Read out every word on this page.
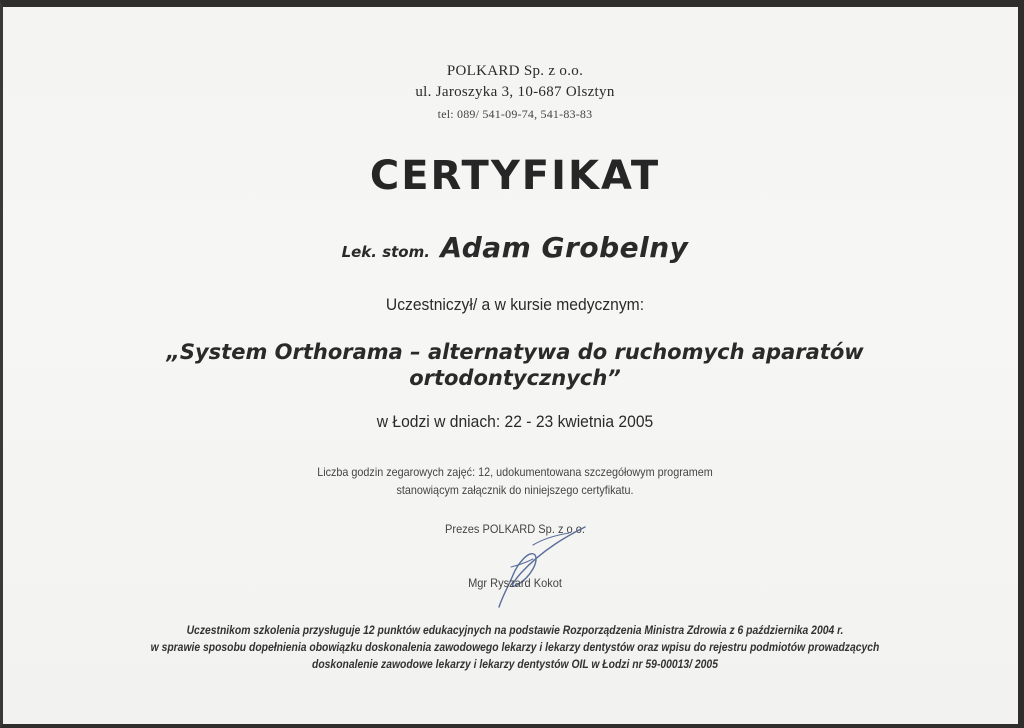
POLKARD Sp. z o.o.
ul. Jaroszyka 3, 10-687 Olsztyn
tel: 089/ 541-09-74, 541-83-83
CERTYFIKAT
Lek. stom. Adam Grobelny
Uczestniczył/ a w kursie medycznym:
„System Orthorama – alternatywa do ruchomych aparatów
ortodontycznych”
w Łodzi w dniach: 22 - 23 kwietnia 2005
Liczba godzin zegarowych zajęć: 12, udokumentowana szczegółowym programem
stanowiącym załącznik do niniejszego certyfikatu.
Prezes POLKARD Sp. z o.o.
Mgr Ryszard Kokot
Uczestnikom szkolenia przysługuje 12 punktów edukacyjnych na podstawie Rozporządzenia Ministra Zdrowia z 6 października 2004 r.
w sprawie sposobu dopełnienia obowiązku doskonalenia zawodowego lekarzy i lekarzy dentystów oraz wpisu do rejestru podmiotów prowadzących
doskonalenie zawodowe lekarzy i lekarzy dentystów OIL w Łodzi nr 59-00013/ 2005
